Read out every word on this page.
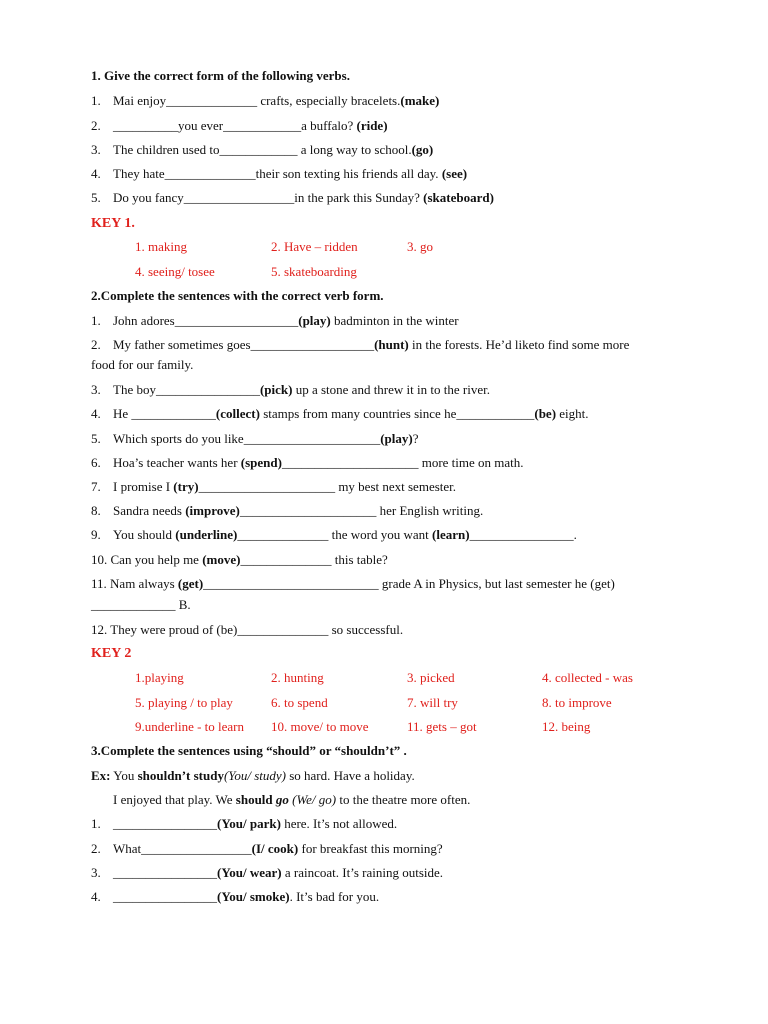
1. Give the correct form of the following verbs.
1. Mai enjoy______________ crafts, especially bracelets.(make)
2. __________you ever____________a buffalo? (ride)
3. The children used to____________ a long way to school.(go)
4. They hate______________their son texting his friends all day. (see)
5. Do you fancy_________________in the park this Sunday? (skateboard)
KEY 1.
1. making	2. Have – ridden	3. go
4. seeing/ tosee	5. skateboarding
2.Complete the sentences with the correct verb form.
1. John adores___________________(play) badminton in the winter
2. My father sometimes goes___________________(hunt) in the forests. He’d liketo find some more
food for our family.
3. The boy________________(pick) up a stone and threw it in to the river.
4. He _____________(collect) stamps from many countries since he____________(be) eight.
5. Which sports do you like_____________________(play)?
6. Hoa’s teacher wants her (spend)_____________________ more time on math.
7. I promise I (try)_____________________ my best next semester.
8. Sandra needs (improve)_____________________ her English writing.
9. You should (underline)______________ the word you want (learn)________________.
10. Can you help me (move)______________ this table?
11. Nam always (get)___________________________ grade A in Physics, but last semester he (get)
_____________ B.
12. They were proud of (be)______________ so successful.
KEY 2
1.playing	2. hunting	3. picked	4. collected - was
5. playing / to play	6. to spend	7. will try	8. to improve
9.underline - to learn 10. move/ to move	11. gets – got	12. being
3.Complete the sentences using “should” or “shouldn’t” .
Ex: You shouldn’t study(You/ study) so hard. Have a holiday.
I enjoyed that play. We should go (We/ go) to the theatre more often.
1. ________________(You/ park) here. It’s not allowed.
2. What_________________(I/ cook) for breakfast this morning?
3. ________________(You/ wear) a raincoat. It’s raining outside.
4. ________________(You/ smoke). It’s bad for you.
